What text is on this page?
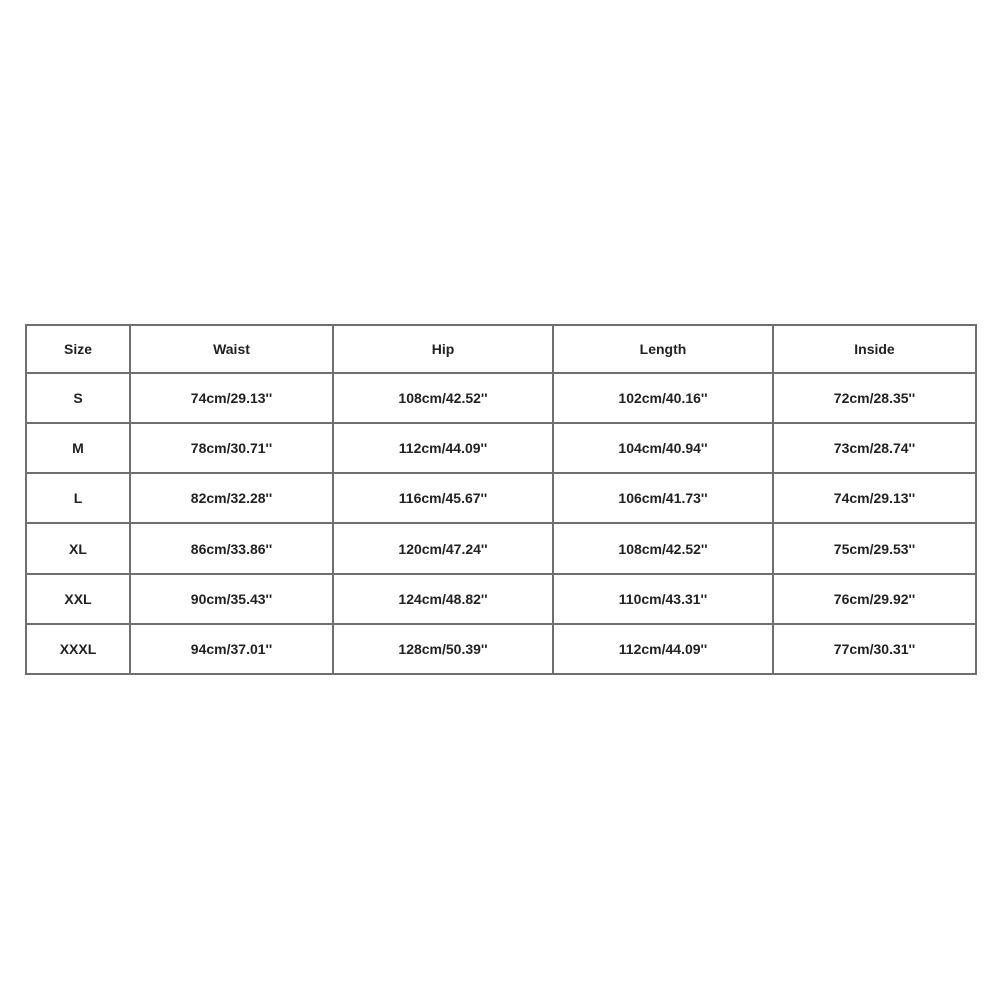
Size	Waist	Hip	Length	Inside
S	74cm/29.13''	108cm/42.52''	102cm/40.16''	72cm/28.35''
M	78cm/30.71''	112cm/44.09''	104cm/40.94''	73cm/28.74''
L	82cm/32.28''	116cm/45.67''	106cm/41.73''	74cm/29.13''
XL	86cm/33.86''	120cm/47.24''	108cm/42.52''	75cm/29.53''
XXL	90cm/35.43''	124cm/48.82''	110cm/43.31''	76cm/29.92''
XXXL	94cm/37.01''	128cm/50.39''	112cm/44.09''	77cm/30.31''
